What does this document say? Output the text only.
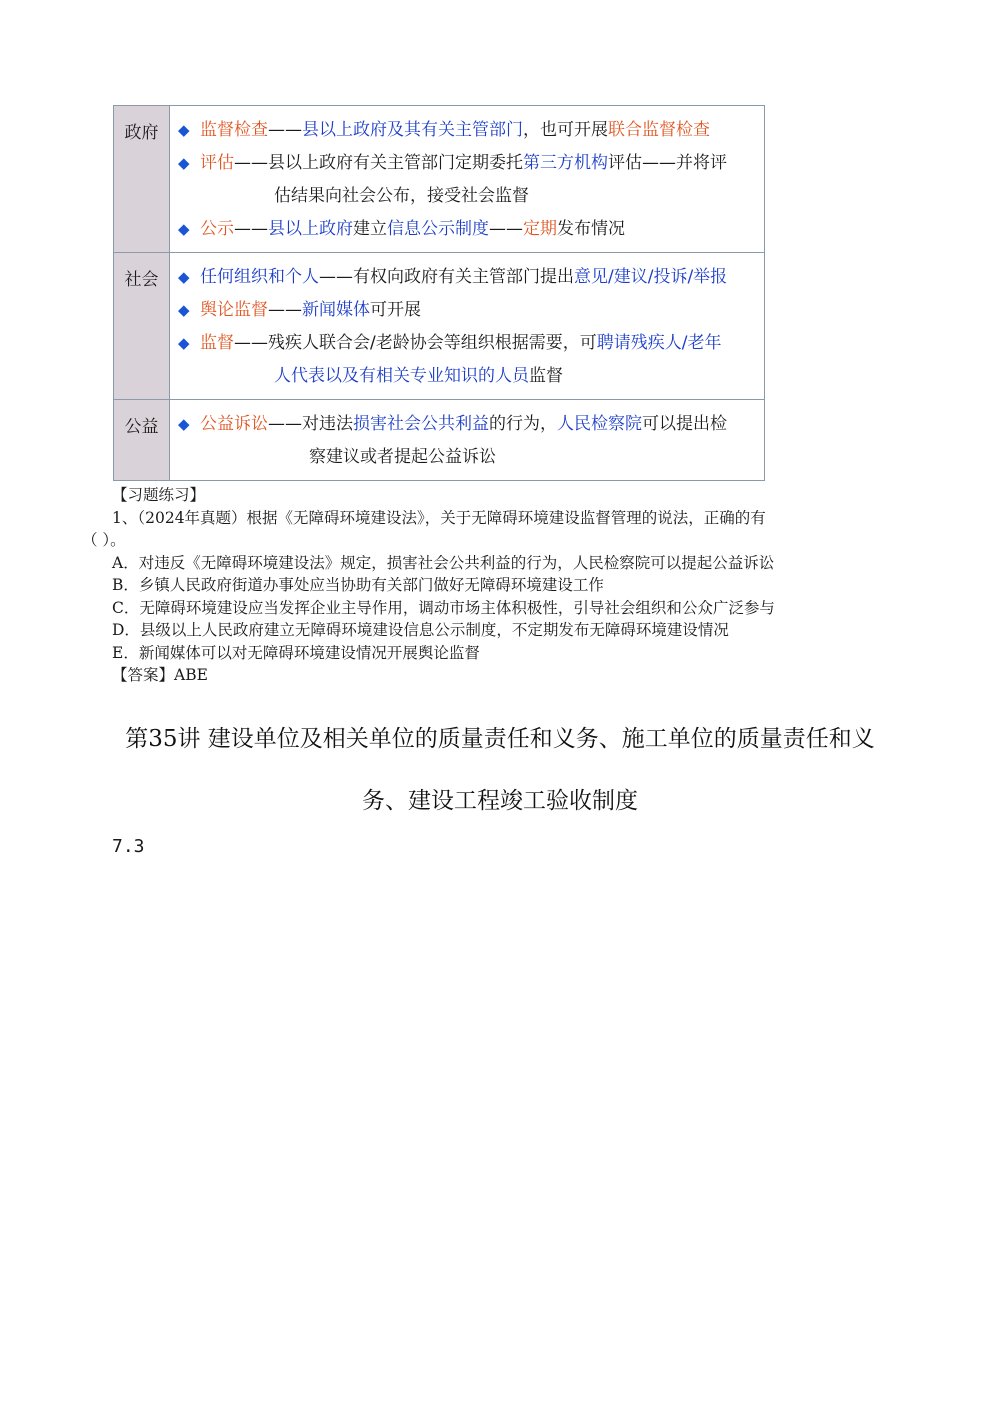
政府	◆ 监督检查——县以上政府及其有关主管部门，也可开展联合监督检查
◆ 评估——县以上政府有关主管部门定期委托第三方机构评估——并将评
估结果向社会公布，接受社会监督
◆ 公示——县以上政府建立信息公示制度——定期发布情况
社会	◆ 任何组织和个人——有权向政府有关主管部门提出意见/建议/投诉/举报
◆ 舆论监督——新闻媒体可开展
◆ 监督——残疾人联合会/老龄协会等组织根据需要，可聘请残疾人/老年
人代表以及有相关专业知识的人员 监督
公益	◆ 公益诉讼——对违法损害社会公共利益的行为，人民检察院可以提出检
察建议或者提起公益诉讼
【习题练习】
1、（2024年真题）根据《无障碍环境建设法》，关于无障碍环境建设监督管理的说法，正确的有
（ ）。
A．对违反《无障碍环境建设法》规定，损害社会公共利益的行为，人民检察院可以提起公益诉讼
B．乡镇人民政府街道办事处应当协助有关部门做好无障碍环境建设工作
C．无障碍环境建设应当发挥企业主导作用，调动市场主体积极性，引导社会组织和公众广泛参与
D．县级以上人民政府建立无障碍环境建设信息公示制度，不定期发布无障碍环境建设情况
E．新闻媒体可以对无障碍环境建设情况开展舆论监督
【答案】ABE
第35讲 建设单位及相关单位的质量责任和义务、施工单位的质量责任和义
务、建设工程竣工验收制度
7.3
